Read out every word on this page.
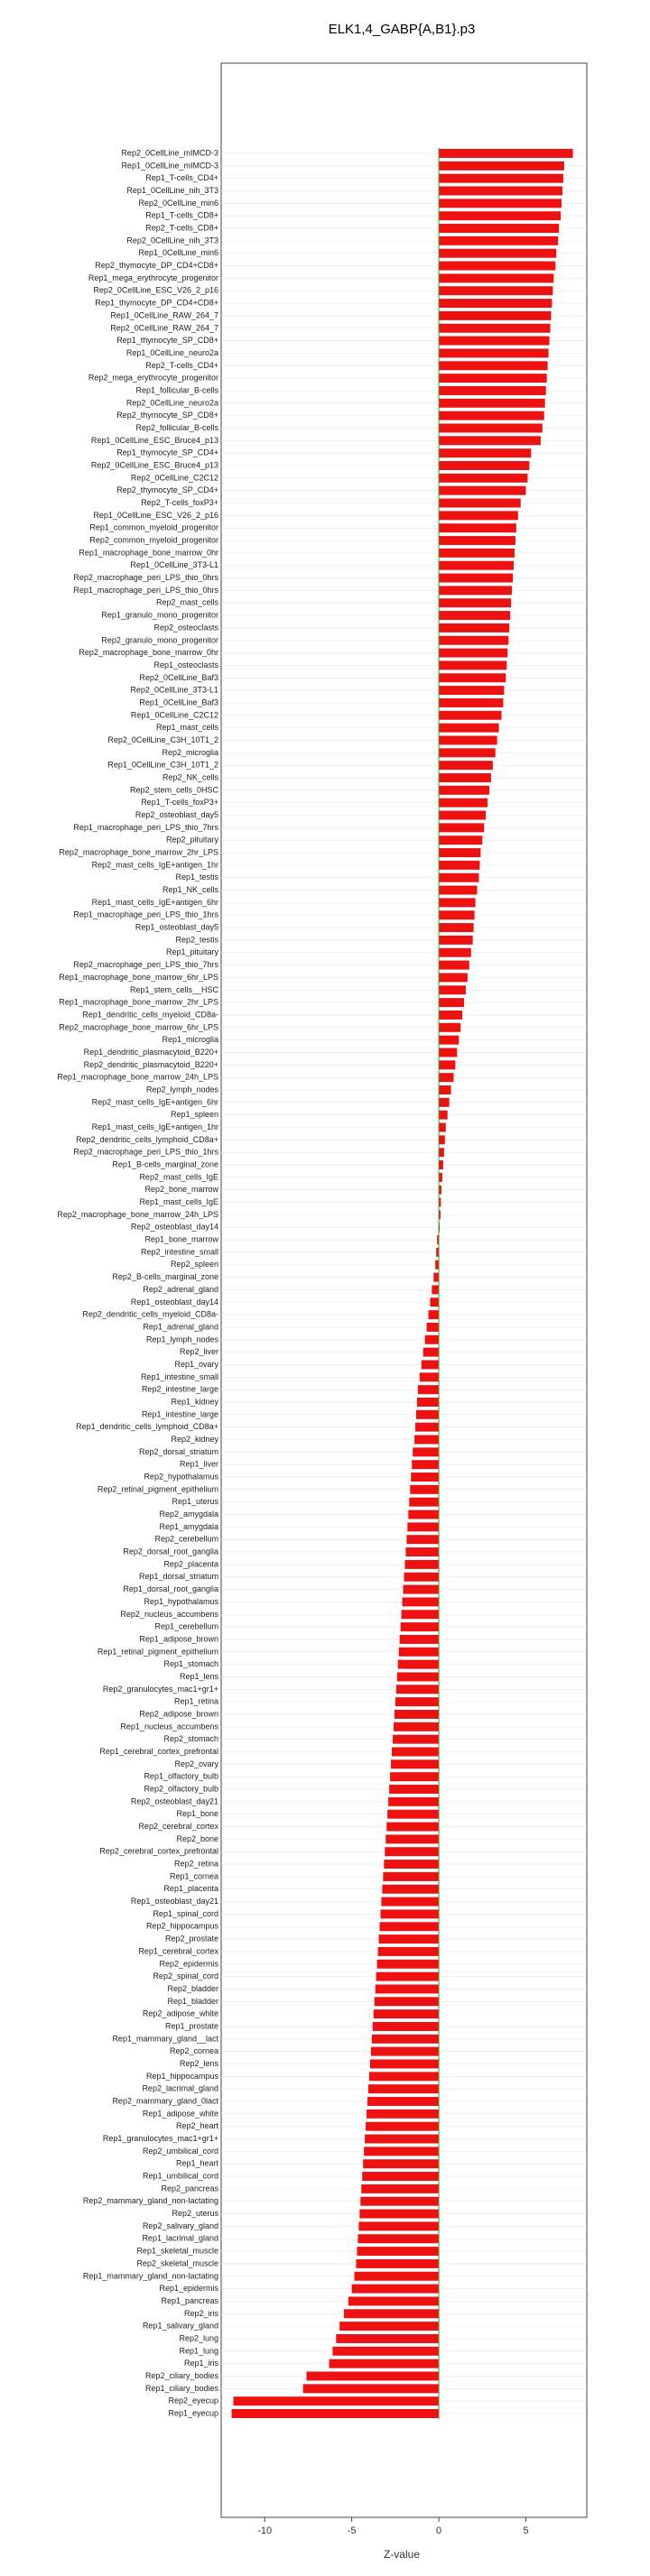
ELK1,4_GABP{A,B1}.p3
Rep2_0CellLine_mIMCD-3
Rep1_0CellLine_mIMCD-3
Rep1_T-cells_CD4+
Rep1_0CellLine_nih_3T3
Rep2_0CellLine_min6
Rep1_T-cells_CD8+
Rep2_T-cells_CD8+
Rep2_0CellLine_nih_3T3
Rep1_0CellLine_min6
Rep2_thymocyte_DP_CD4+CD8+
Rep1_mega_erythrocyte_progenitor
Rep2_0CellLine_ESC_V26_2_p16
Rep1_thymocyte_DP_CD4+CD8+
Rep1_0CellLine_RAW_264_7
Rep2_0CellLine_RAW_264_7
Rep1_thymocyte_SP_CD8+
Rep1_0CellLine_neuro2a
Rep2_T-cells_CD4+
Rep2_mega_erythrocyte_progenitor
Rep1_follicular_B-cells
Rep2_0CellLine_neuro2a
Rep2_thymocyte_SP_CD8+
Rep2_follicular_B-cells
Rep1_0CellLine_ESC_Bruce4_p13
Rep1_thymocyte_SP_CD4+
Rep2_0CellLine_ESC_Bruce4_p13
Rep2_0CellLine_C2C12
Rep2_thymocyte_SP_CD4+
Rep2_T-cells_foxP3+
Rep1_0CellLine_ESC_V26_2_p16
Rep1_common_myeloid_progenitor
Rep2_common_myeloid_progenitor
Rep1_macrophage_bone_marrow_0hr
Rep1_0CellLine_3T3-L1
Rep2_macrophage_peri_LPS_thio_0hrs
Rep1_macrophage_peri_LPS_thio_0hrs
Rep2_mast_cells
Rep1_granulo_mono_progenitor
Rep2_osteoclasts
Rep2_granulo_mono_progenitor
Rep2_macrophage_bone_marrow_0hr
Rep1_osteoclasts
Rep2_0CellLine_Baf3
Rep2_0CellLine_3T3-L1
Rep1_0CellLine_Baf3
Rep1_0CellLine_C2C12
Rep1_mast_cells
Rep2_0CellLine_C3H_10T1_2
Rep2_microglia
Rep1_0CellLine_C3H_10T1_2
Rep2_NK_cells
Rep2_stem_cells_0HSC
Rep1_T-cells_foxP3+
Rep2_osteoblast_day5
Rep1_macrophage_peri_LPS_thio_7hrs
Rep2_pituitary
Rep2_macrophage_bone_marrow_2hr_LPS
Rep2_mast_cells_IgE+antigen_1hr
Rep1_testis
Rep1_NK_cells
Rep1_mast_cells_IgE+antigen_6hr
Rep1_macrophage_peri_LPS_thio_1hrs
Rep1_osteoblast_day5
Rep2_testis
Rep1_pituitary
Rep2_macrophage_peri_LPS_thio_7hrs
Rep1_macrophage_bone_marrow_6hr_LPS
Rep1_stem_cells__HSC
Rep1_macrophage_bone_marrow_2hr_LPS
Rep1_dendritic_cells_myeloid_CD8a-
Rep2_macrophage_bone_marrow_6hr_LPS
Rep1_microglia
Rep1_dendritic_plasmacytoid_B220+
Rep2_dendritic_plasmacytoid_B220+
Rep1_macrophage_bone_marrow_24h_LPS
Rep2_lymph_nodes
Rep2_mast_cells_IgE+antigen_6hr
Rep1_spleen
Rep1_mast_cells_IgE+antigen_1hr
Rep2_dendritic_cells_lymphoid_CD8a+
Rep2_macrophage_peri_LPS_thio_1hrs
Rep1_B-cells_marginal_zone
Rep2_mast_cells_IgE
Rep2_bone_marrow
Rep1_mast_cells_IgE
Rep2_macrophage_bone_marrow_24h_LPS
Rep2_osteoblast_day14
Rep1_bone_marrow
Rep2_intestine_small
Rep2_spleen
Rep2_B-cells_marginal_zone
Rep2_adrenal_gland
Rep1_osteoblast_day14
Rep2_dendritic_cells_myeloid_CD8a-
Rep1_adrenal_gland
Rep1_lymph_nodes
Rep2_liver
Rep1_ovary
Rep1_intestine_small
Rep2_intestine_large
Rep1_kidney
Rep1_intestine_large
Rep1_dendritic_cells_lymphoid_CD8a+
Rep2_kidney
Rep2_dorsal_striatum
Rep1_liver
Rep2_hypothalamus
Rep2_retinal_pigment_epithelium
Rep1_uterus
Rep2_amygdala
Rep1_amygdala
Rep2_cerebellum
Rep2_dorsal_root_ganglia
Rep2_placenta
Rep1_dorsal_striatum
Rep1_dorsal_root_ganglia
Rep1_hypothalamus
Rep2_nucleus_accumbens
Rep1_cerebellum
Rep1_adipose_brown
Rep1_retinal_pigment_epithelium
Rep1_stomach
Rep1_lens
Rep2_granulocytes_mac1+gr1+
Rep1_retina
Rep2_adipose_brown
Rep1_nucleus_accumbens
Rep2_stomach
Rep1_cerebral_cortex_prefrontal
Rep2_ovary
Rep1_olfactory_bulb
Rep2_olfactory_bulb
Rep2_osteoblast_day21
Rep1_bone
Rep2_cerebral_cortex
Rep2_bone
Rep2_cerebral_cortex_prefrontal
Rep2_retina
Rep1_cornea
Rep1_placenta
Rep1_osteoblast_day21
Rep1_spinal_cord
Rep2_hippocampus
Rep2_prostate
Rep1_cerebral_cortex
Rep2_epidermis
Rep2_spinal_cord
Rep2_bladder
Rep1_bladder
Rep2_adipose_white
Rep1_prostate
Rep1_mammary_gland__lact
Rep2_cornea
Rep2_lens
Rep1_hippocampus
Rep2_lacrimal_gland
Rep2_mammary_gland_0lact
Rep1_adipose_white
Rep2_heart
Rep1_granulocytes_mac1+gr1+
Rep2_umbilical_cord
Rep1_heart
Rep1_umbilical_cord
Rep2_pancreas
Rep2_mammary_gland_non-lactating
Rep2_uterus
Rep2_salivary_gland
Rep1_lacrimal_gland
Rep1_skeletal_muscle
Rep2_skeletal_muscle
Rep1_mammary_gland_non-lactating
Rep1_epidermis
Rep1_pancreas
Rep2_iris
Rep1_salivary_gland
Rep2_lung
Rep1_lung
Rep1_iris
Rep2_ciliary_bodies
Rep1_ciliary_bodies
Rep2_eyecup
Rep1_eyecup
-10	-5	0	5
Z-value
